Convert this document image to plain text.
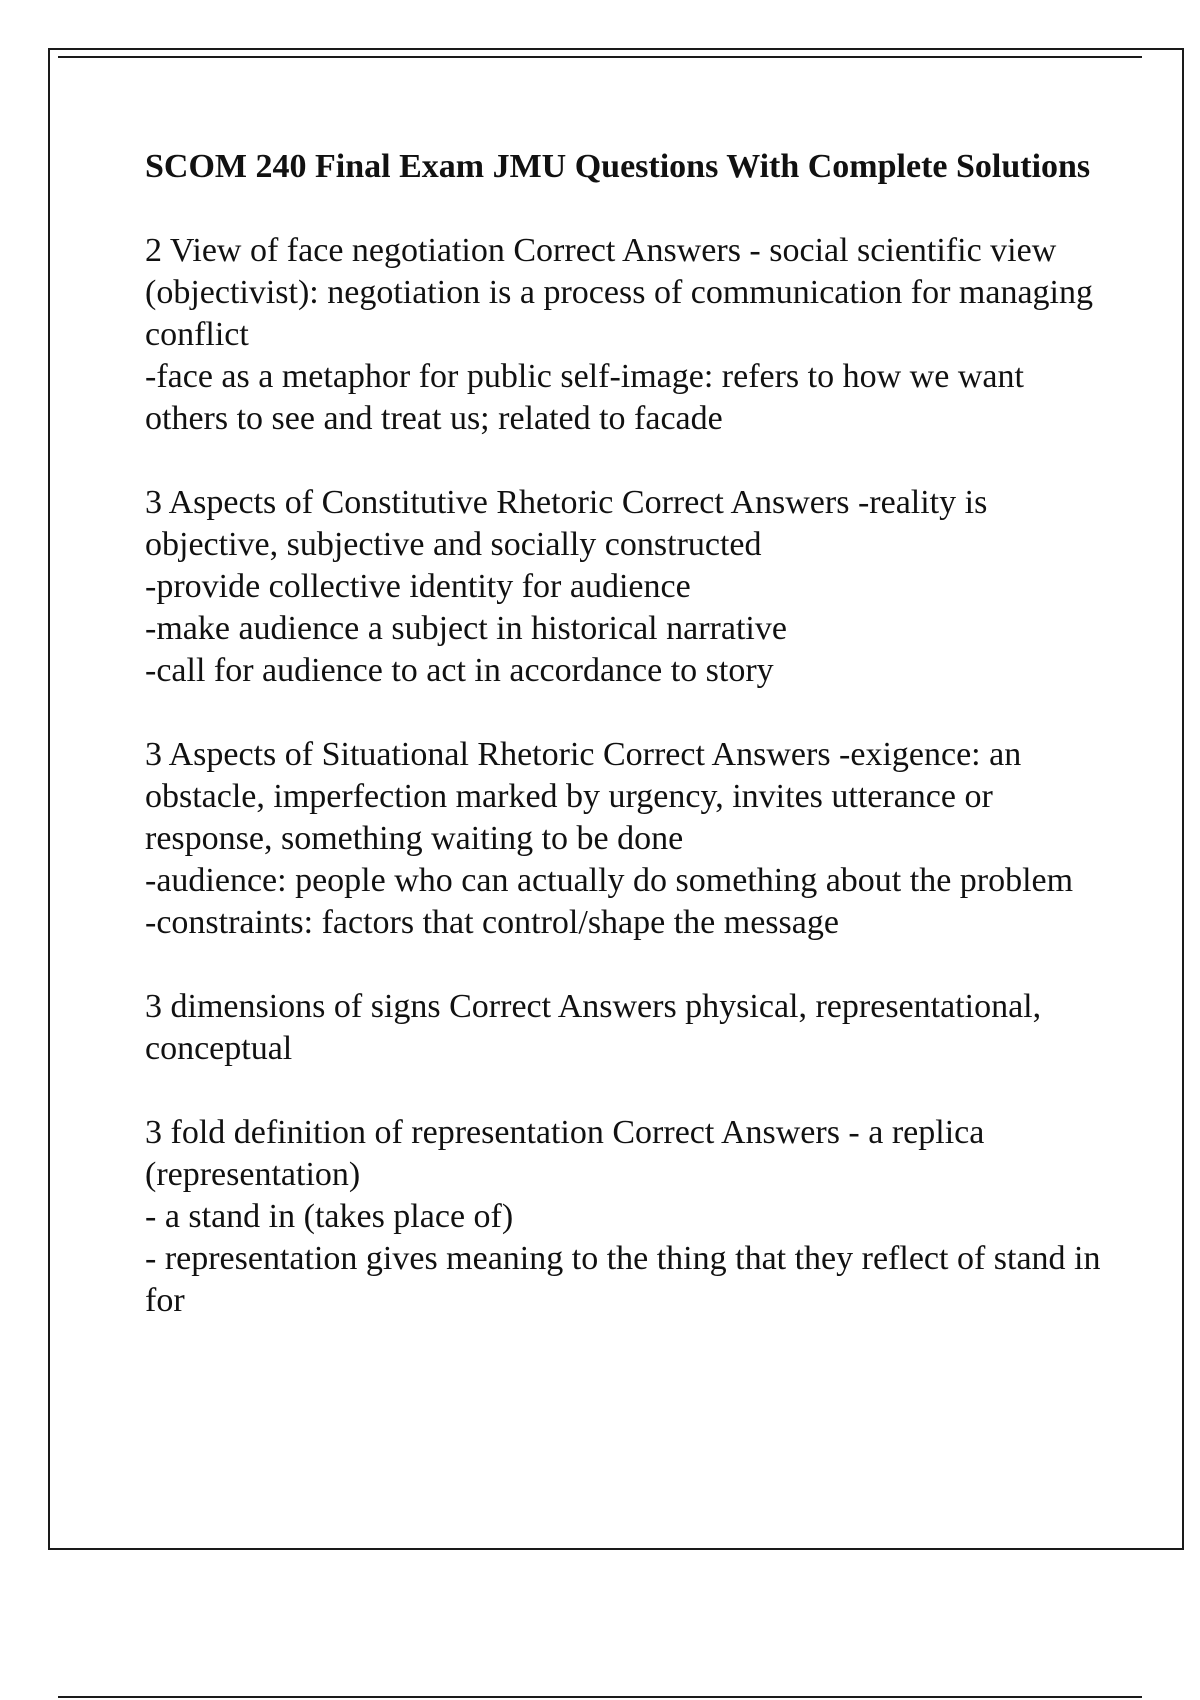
SCOM 240 Final Exam JMU Questions With Complete Solutions
2 View of face negotiation Correct Answers - social scientific view (objectivist): negotiation is a process of communication for managing conflict
-face as a metaphor for public self-image: refers to how we want others to see and treat us; related to facade
3 Aspects of Constitutive Rhetoric Correct Answers -reality is objective, subjective and socially constructed
-provide collective identity for audience
-make audience a subject in historical narrative
-call for audience to act in accordance to story
3 Aspects of Situational Rhetoric Correct Answers -exigence: an obstacle, imperfection marked by urgency, invites utterance or response, something waiting to be done
-audience: people who can actually do something about the problem
-constraints: factors that control/shape the message
3 dimensions of signs Correct Answers physical, representational, conceptual
3 fold definition of representation Correct Answers - a replica (representation)
- a stand in (takes place of)
- representation gives meaning to the thing that they reflect of stand in for
